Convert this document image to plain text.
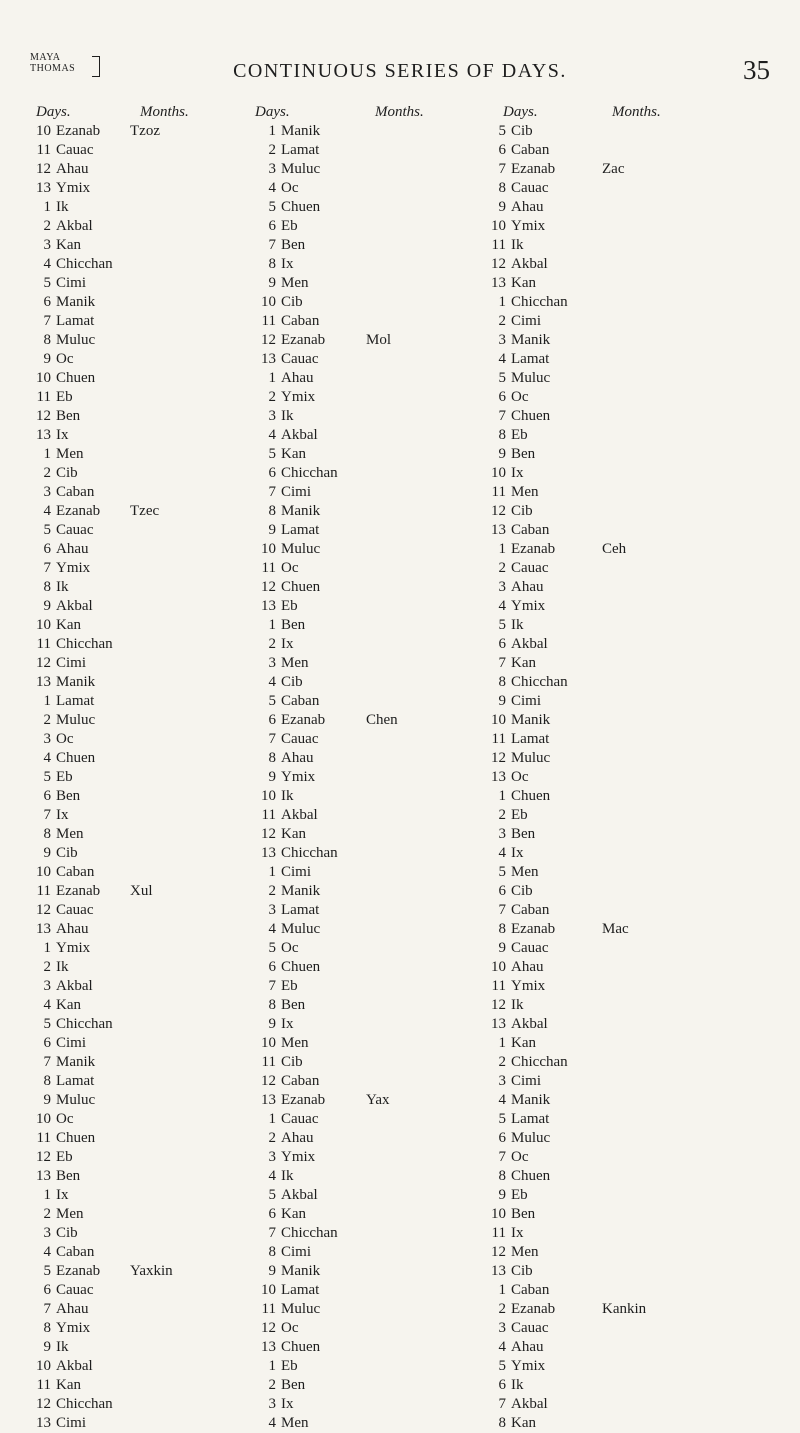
MAYA
THOMAS	CONTINUOUS SERIES OF DAYS.	35
Days.	Months.
10 Ezanab Tzoz
11 Cauac
12 Ahau
13 Ymix
1 Ik
2 Akbal
3 Kan
4 Chicchan
5 Cimi
6 Manik
7 Lamat
8 Muluc
9 Oc
10 Chuen
11 Eb
12 Ben
13 Ix
1 Men
2 Cib
3 Caban
4 Ezanab Tzec
5 Cauac
6 Ahau
7 Ymix
8 Ik
9 Akbal
10 Kan
11 Chicchan
12 Cimi
13 Manik
1 Lamat
2 Muluc
3 Oc
4 Chuen
5 Eb
6 Ben
7 Ix
8 Men
9 Cib
10 Caban
11 Ezanab Xul
12 Cauac
13 Ahau
1 Ymix
2 Ik
3 Akbal
4 Kan
5 Chicchan
6 Cimi
7 Manik
8 Lamat
9 Muluc
10 Oc
11 Chuen
12 Eb
13 Ben
1 Ix
2 Men
3 Cib
4 Caban
5 Ezanab Yaxkin
6 Cauac
7 Ahau
8 Ymix
9 Ik
10 Akbal
11 Kan
12 Chicchan
13 Cimi
Days.	Months.
1 Manik
2 Lamat
3 Muluc
4 Oc
5 Chuen
6 Eb
7 Ben
8 Ix
9 Men
10 Cib
11 Caban
12 Ezanab	Mol
13 Cauac
1 Ahau
2 Ymix
3 Ik
4 Akbal
5 Kan
6 Chicchan
7 Cimi
8 Manik
9 Lamat
10 Muluc
11 Oc
12 Chuen
13 Eb
1 Ben
2 Ix
3 Men
4 Cib
5 Caban
6 Ezanab	Chen
7 Cauac
8 Ahau
9 Ymix
10 Ik
11 Akbal
12 Kan
13 Chicchan
1 Cimi
2 Manik
3 Lamat
4 Muluc
5 Oc
6 Chuen
7 Eb
8 Ben
9 Ix
10 Men
11 Cib
12 Caban
13 Ezanab	Yax
1 Cauac
2 Ahau
3 Ymix
4 Ik
5 Akbal
6 Kan
7 Chicchan
8 Cimi
9 Manik
10 Lamat
11 Muluc
12 Oc
13 Chuen
1 Eb
2 Ben
3 Ix
4 Men
Days.	Months.
5 Cib
6 Caban
7 Ezanab	Zac
8 Cauac
9 Ahau
10 Ymix
11 Ik
12 Akbal
13 Kan
1 Chicchan
2 Cimi
3 Manik
4 Lamat
5 Muluc
6 Oc
7 Chuen
8 Eb
9 Ben
10 Ix
11 Men
12 Cib
13 Caban
1 Ezanab	Ceh
2 Cauac
3 Ahau
4 Ymix
5 Ik
6 Akbal
7 Kan
8 Chicchan
9 Cimi
10 Manik
11 Lamat
12 Muluc
13 Oc
1 Chuen
2 Eb
3 Ben
4 Ix
5 Men
6 Cib
7 Caban
8 Ezanab	Mac
9 Cauac
10 Ahau
11 Ymix
12 Ik
13 Akbal
1 Kan
2 Chicchan
3 Cimi
4 Manik
5 Lamat
6 Muluc
7 Oc
8 Chuen
9 Eb
10 Ben
11 Ix
12 Men
13 Cib
1 Caban
2 Ezanab	Kankin
3 Cauac
4 Ahau
5 Ymix
6 Ik
7 Akbal
8 Kan
